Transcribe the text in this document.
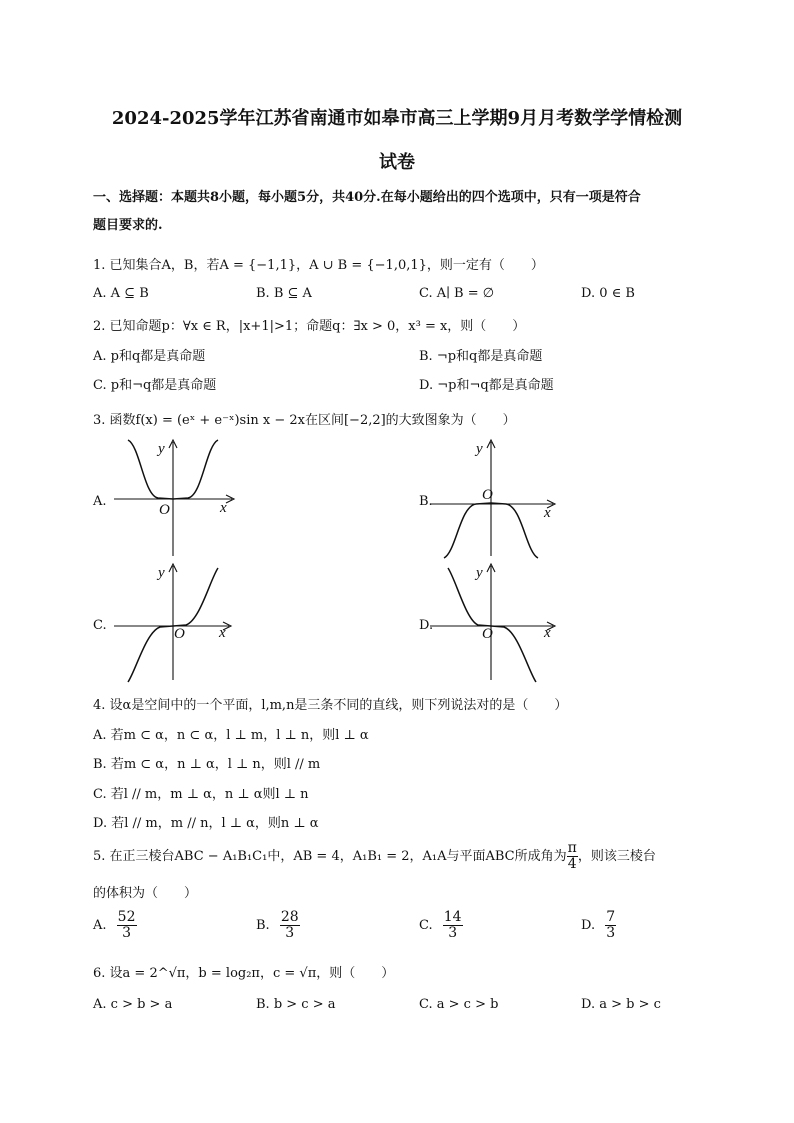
2024-2025学年江苏省南通市如皋市高三上学期9月月考数学学情检测
试卷
一、选择题：本题共8小题，每小题5分，共40分.在每小题给出的四个选项中，只有一项是符合
题目要求的.
1. 已知集合A，B，若A = {−1,1}，A ∪ B = {−1,0,1}，则一定有（　　）
A. A ⊆ B	B. B ⊆ A	C. A∣ B = ∅	D. 0 ∈ B
2. 已知命题p：∀x ∈ R，|x+1|>1；命题q：∃x > 0，x³ = x，则（　　）
A. p和q都是真命题	B. ¬p和q都是真命题
C. p和¬q都是真命题	D. ¬p和¬q都是真命题
3. 函数f(x) = (eˣ + e⁻ˣ)sin x − 2x在区间[−2,2]的大致图象为（　　）
A.
y
x
O
B.
y
x
O
C.
y
x
O
D.
y
x
O
4. 设α是空间中的一个平面，l,m,n是三条不同的直线，则下列说法对的是（　　）
A. 若m ⊂ α，n ⊂ α，l ⊥ m，l ⊥ n，则l ⊥ α
B. 若m ⊂ α，n ⊥ α，l ⊥ n，则l // m
C. 若l // m，m ⊥ α，n ⊥ α则l ⊥ n
D. 若l // m，m // n，l ⊥ α，则n ⊥ α
5. 在正三棱台ABC − A₁B₁C₁中，AB = 4，A₁B₁ = 2，A₁A与平面ABC所成角为 $\frac{\pi}{4}$ ，则该三棱台
的体积为（　　）
A. $\frac{52}{3}$	B. $\frac{28}{3}$	C. $\frac{14}{3}$	D. $\frac{7}{3}$
6. 设a = 2^√π，b = log₂π，c = √π，则（　　）
A. c > b > a	B. b > c > a	C. a > c > b	D. a > b > c
